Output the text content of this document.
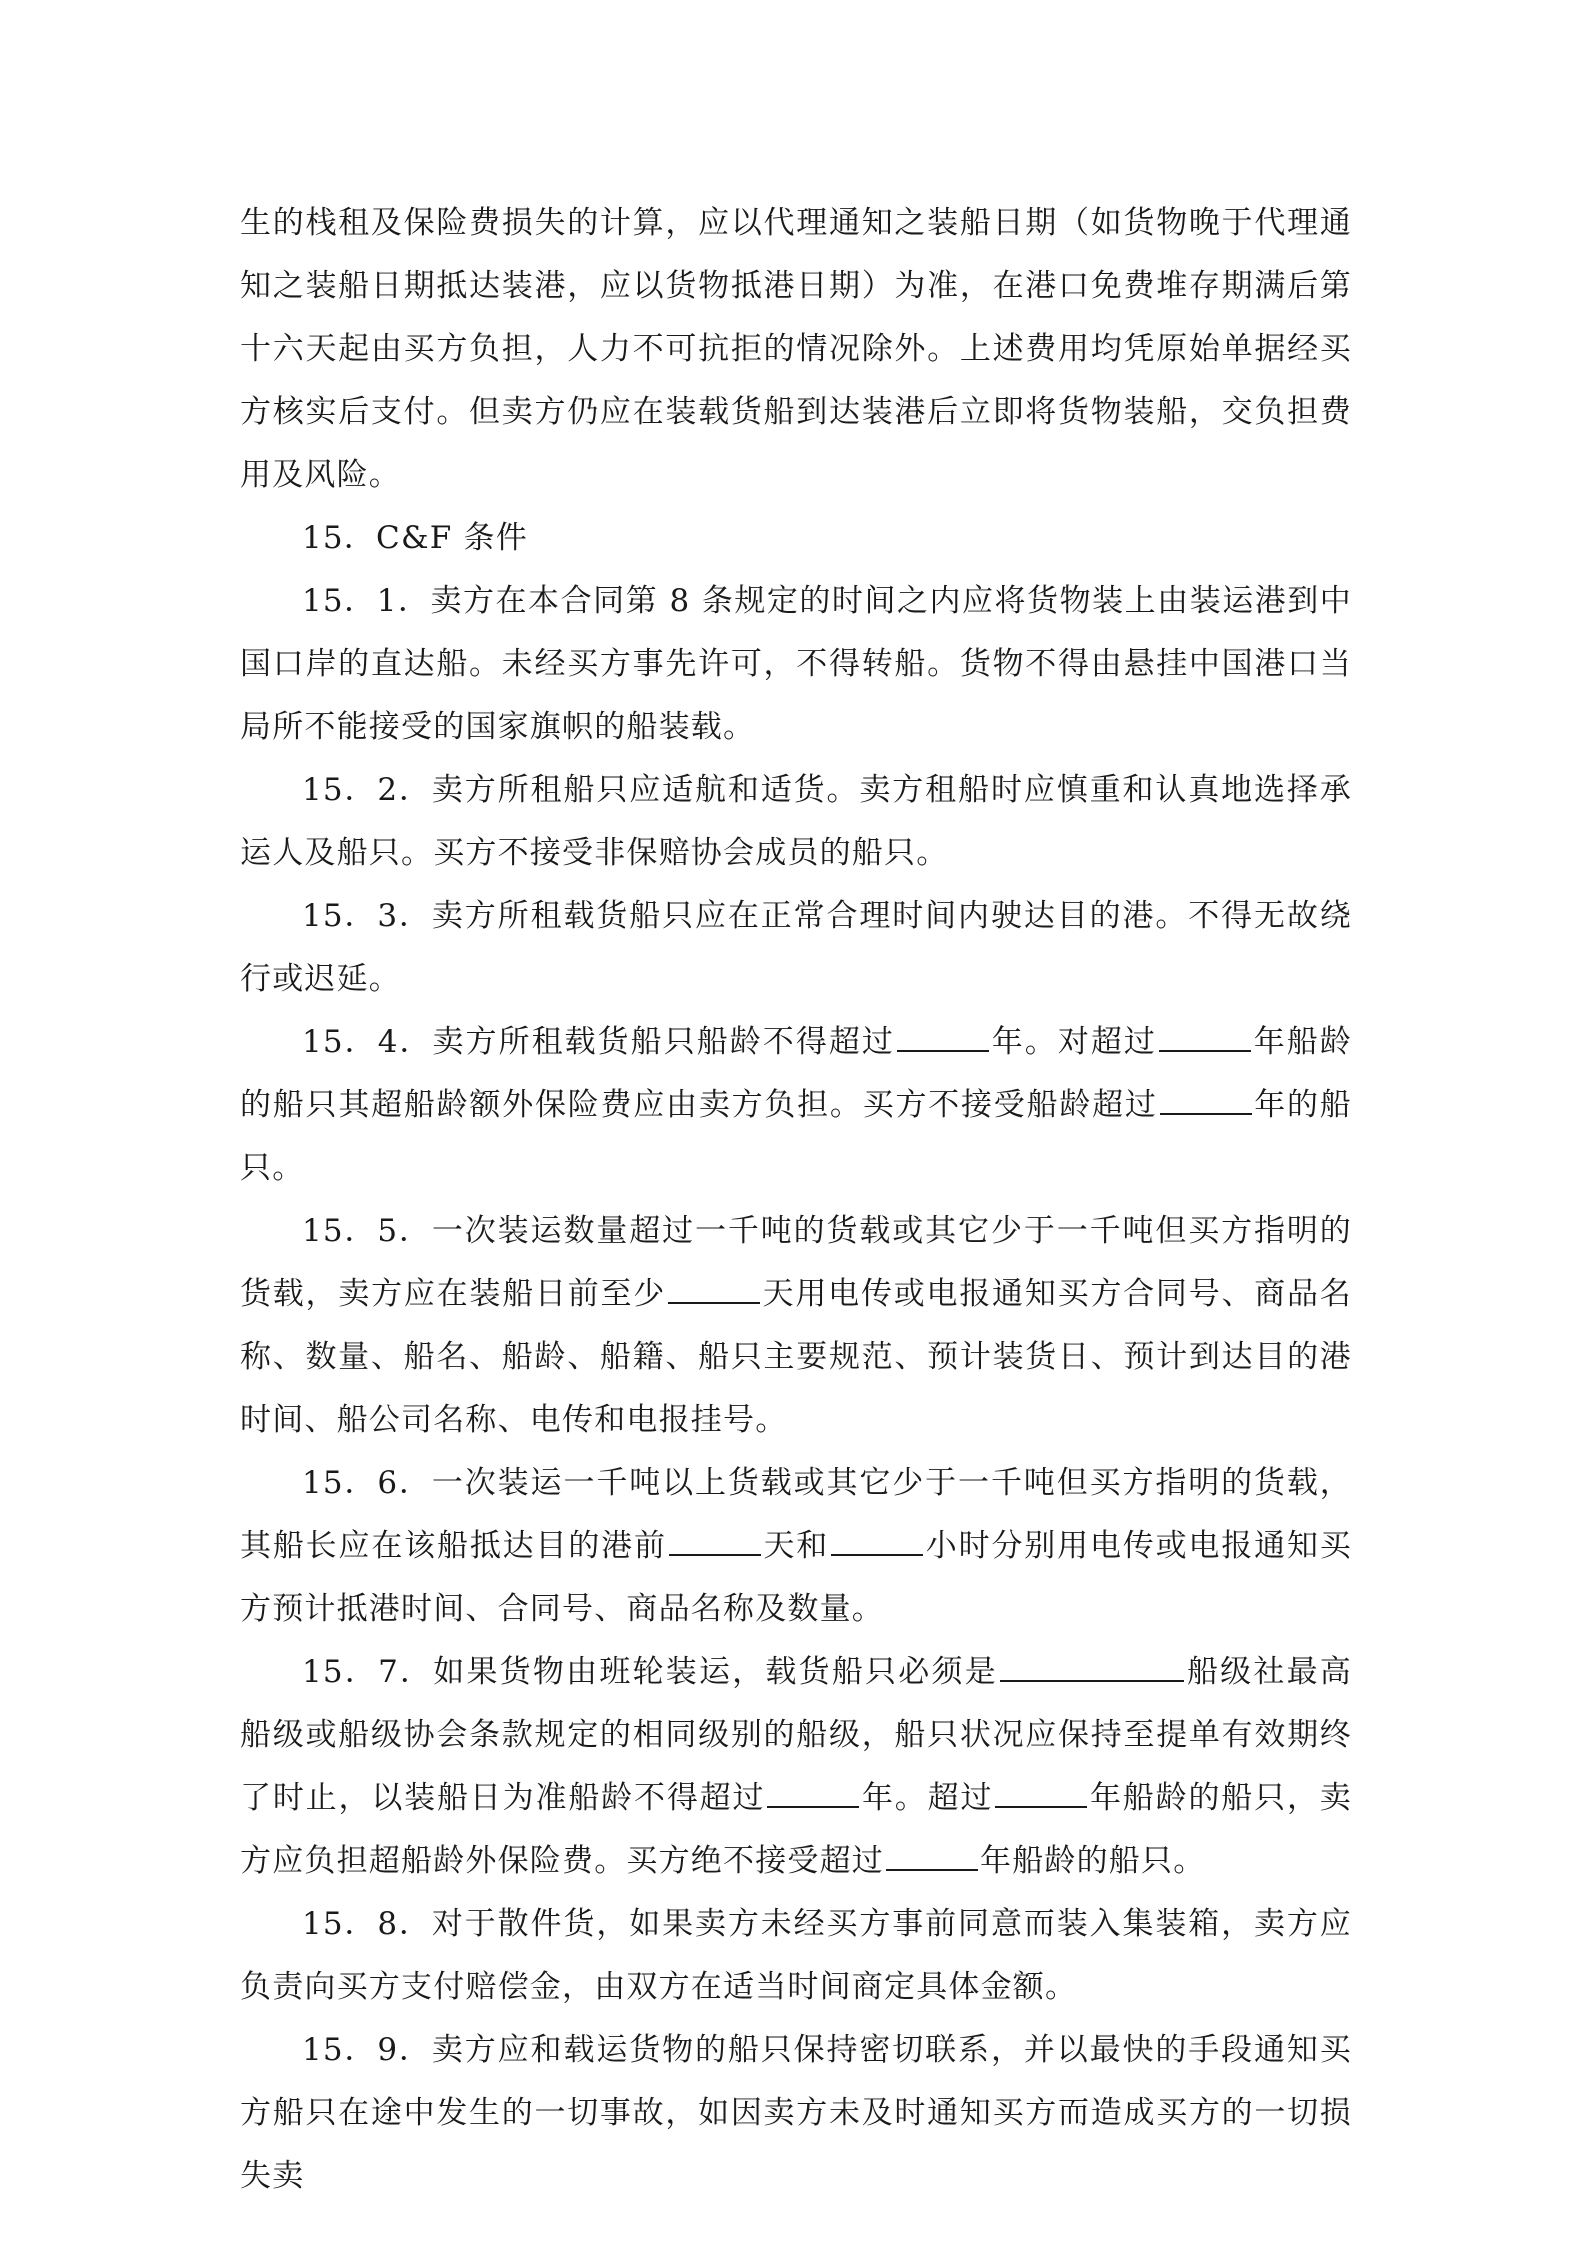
生的栈租及保险费损失的计算，应以代理通知之装船日期（如货物晚于代理通知之装船日期抵达装港，应以货物抵港日期）为准，在港口免费堆存期满后第十六天起由买方负担，人力不可抗拒的情况除外。上述费用均凭原始单据经买方核实后支付。但卖方仍应在装载货船到达装港后立即将货物装船，交负担费用及风险。

15．C&F 条件

15．1．卖方在本合同第 8 条规定的时间之内应将货物装上由装运港到中国口岸的直达船。未经买方事先许可，不得转船。货物不得由悬挂中国港口当局所不能接受的国家旗帜的船装载。

15．2．卖方所租船只应适航和适货。卖方租船时应慎重和认真地选择承运人及船只。买方不接受非保赔协会成员的船只。

15．3．卖方所租载货船只应在正常合理时间内驶达目的港。不得无故绕行或迟延。

15．4．卖方所租载货船只船龄不得超过	年。对超过	年船龄的船只其超船龄额外保险费应由卖方负担。买方不接受船龄超过	年的船只。

15．5．一次装运数量超过一千吨的货载或其它少于一千吨但买方指明的货载，卖方应在装船日前至少	天用电传或电报通知买方合同号、商品名称、数量、船名、船龄、船籍、船只主要规范、预计装货日、预计到达目的港时间、船公司名称、电传和电报挂号。

15．6．一次装运一千吨以上货载或其它少于一千吨但买方指明的货载，其船长应在该船抵达目的港前	天和	小时分别用电传或电报通知买方预计抵港时间、合同号、商品名称及数量。

15．7．如果货物由班轮装运，载货船只必须是	船级社最高船级或船级协会条款规定的相同级别的船级，船只状况应保持至提单有效期终了时止，以装船日为准船龄不得超过	年。超过	年船龄的船只，卖方应负担超船龄外保险费。买方绝不接受超过	年船龄的船只。

15．8．对于散件货，如果卖方未经买方事前同意而装入集装箱，卖方应负责向买方支付赔偿金，由双方在适当时间商定具体金额。

15．9．卖方应和载运货物的船只保持密切联系，并以最快的手段通知买方船只在途中发生的一切事故，如因卖方未及时通知买方而造成买方的一切损失卖
